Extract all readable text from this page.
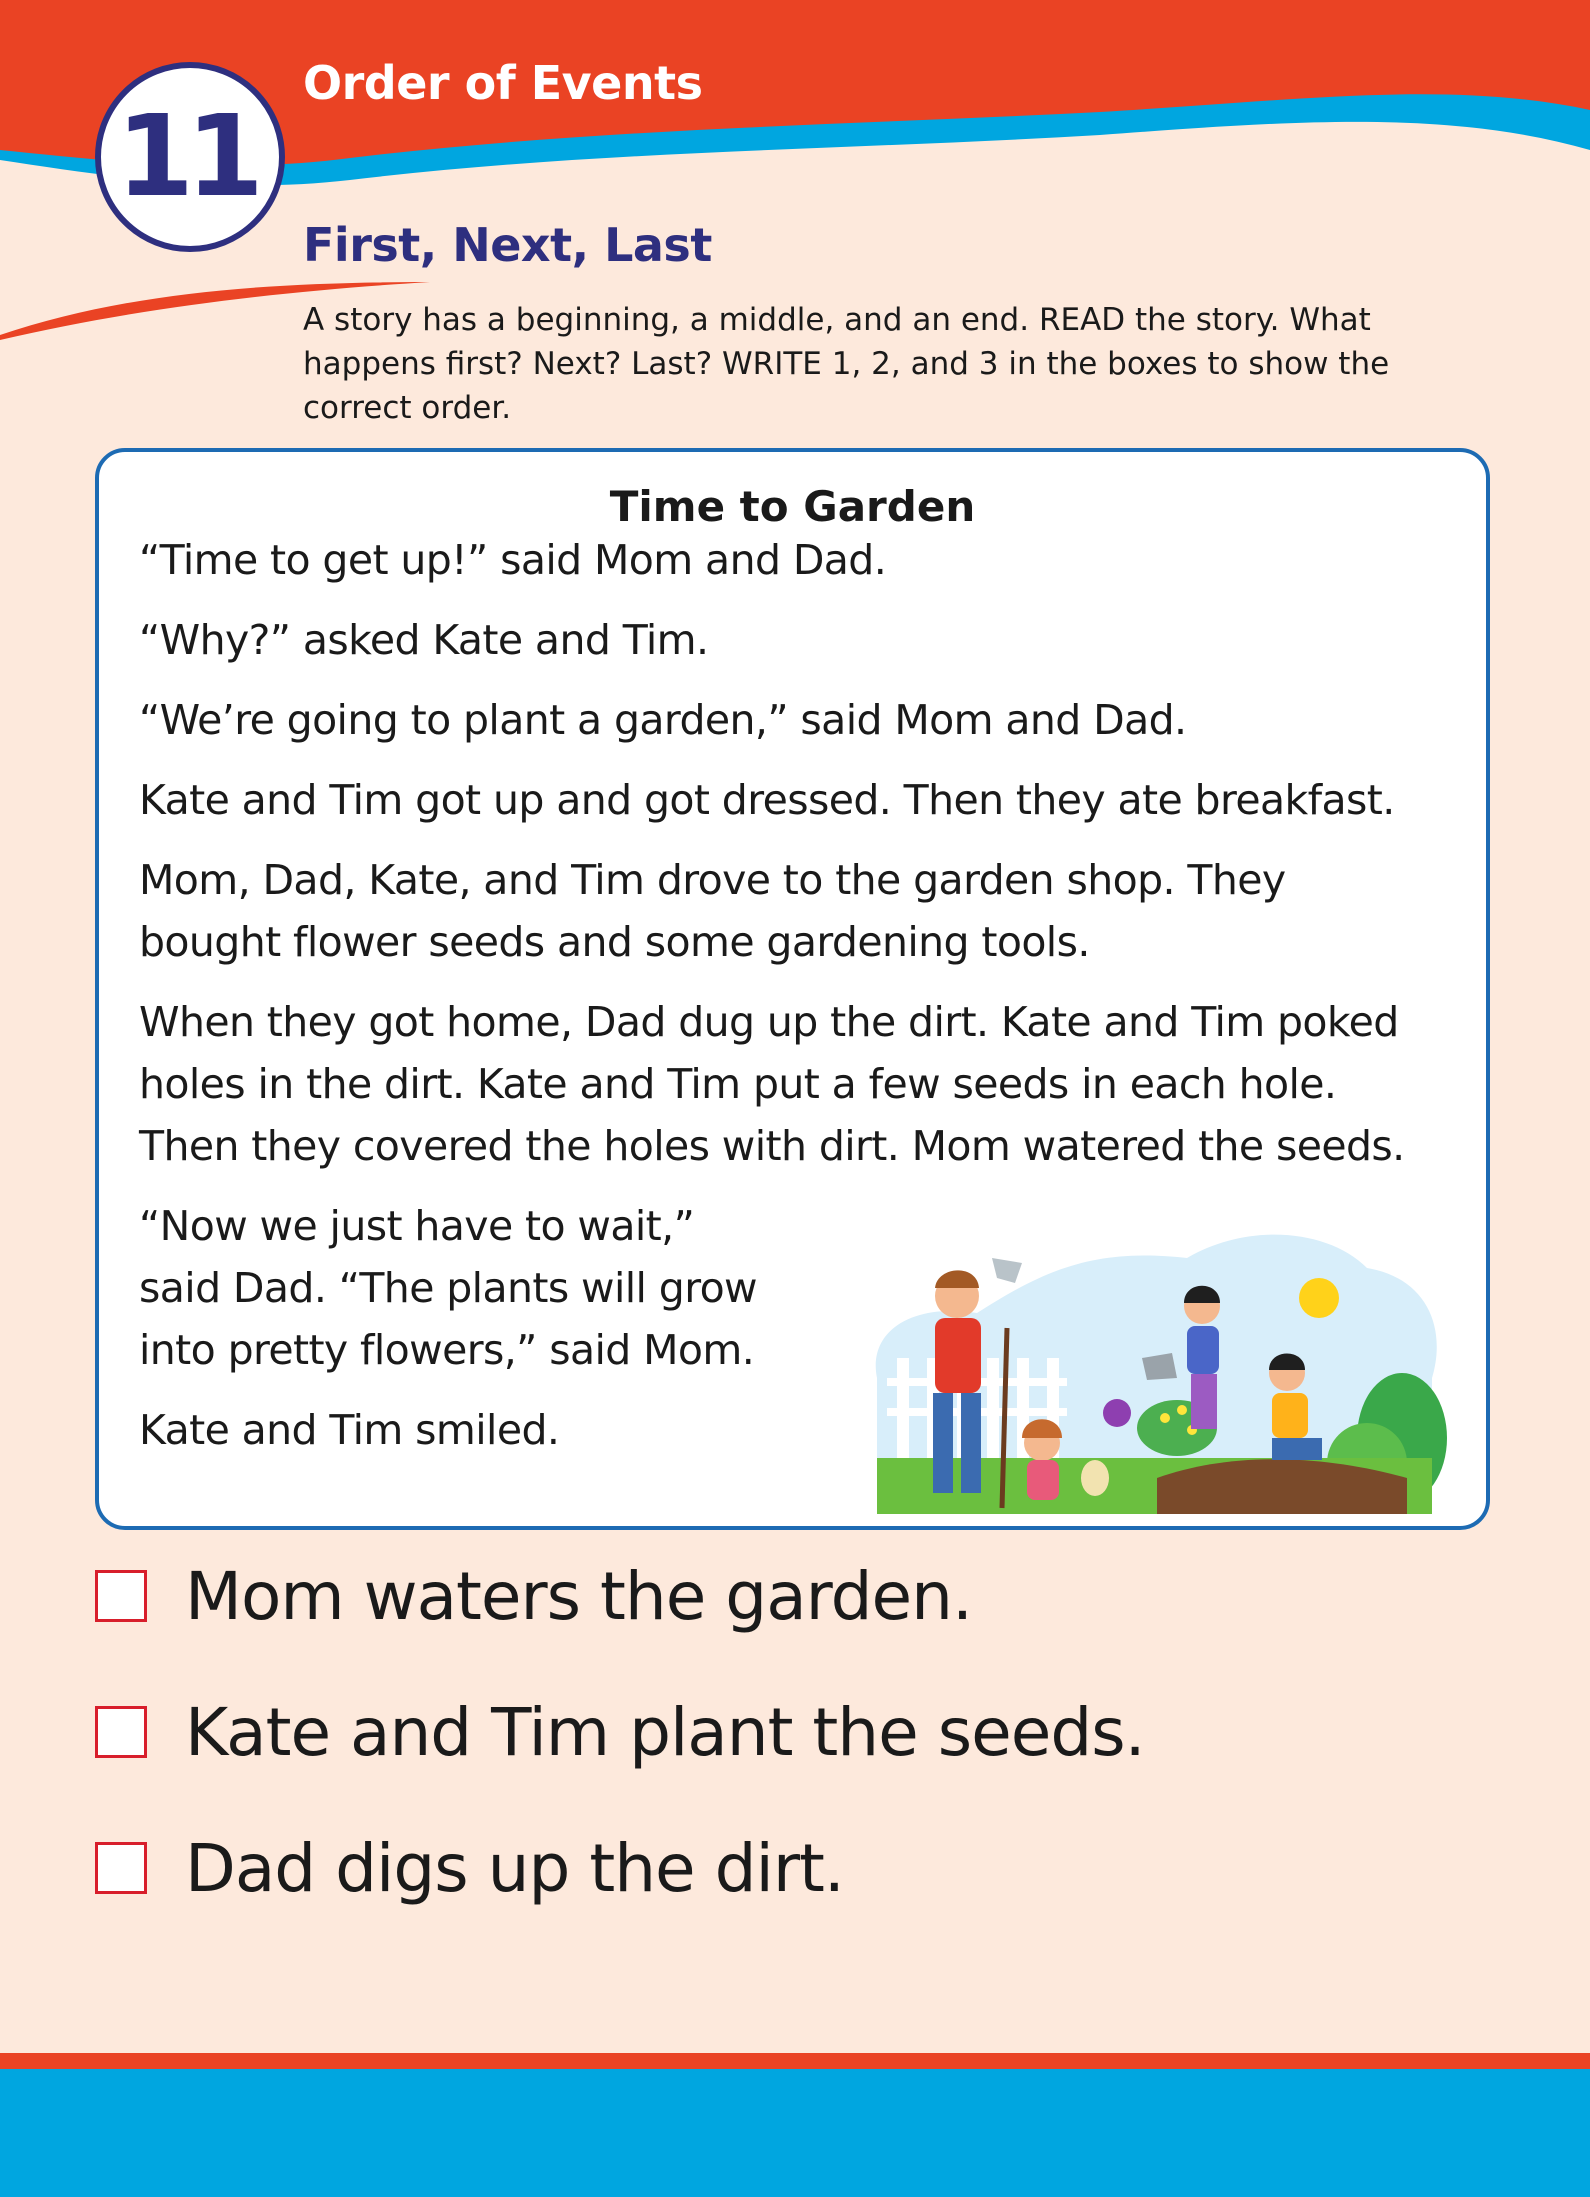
11
Order of Events
First, Next, Last
A story has a beginning, a middle, and an end. READ the story. What happens first? Next? Last? WRITE 1, 2, and 3 in the boxes to show the correct order.
Time to Garden

“Time to get up!” said Mom and Dad.

“Why?” asked Kate and Tim.

“We’re going to plant a garden,” said Mom and Dad.

Kate and Tim got up and got dressed. Then they ate breakfast.

Mom, Dad, Kate, and Tim drove to the garden shop. They

bought flower seeds and some gardening tools.

When they got home, Dad dug up the dirt. Kate and Tim poked

holes in the dirt. Kate and Tim put a few seeds in each hole.

Then they covered the holes with dirt. Mom watered the seeds.

“Now we just have to wait,”

said Dad. “The plants will grow

into pretty flowers,” said Mom.

Kate and Tim smiled.

Mom waters the garden.
Kate and Tim plant the seeds.
Dad digs up the dirt.
